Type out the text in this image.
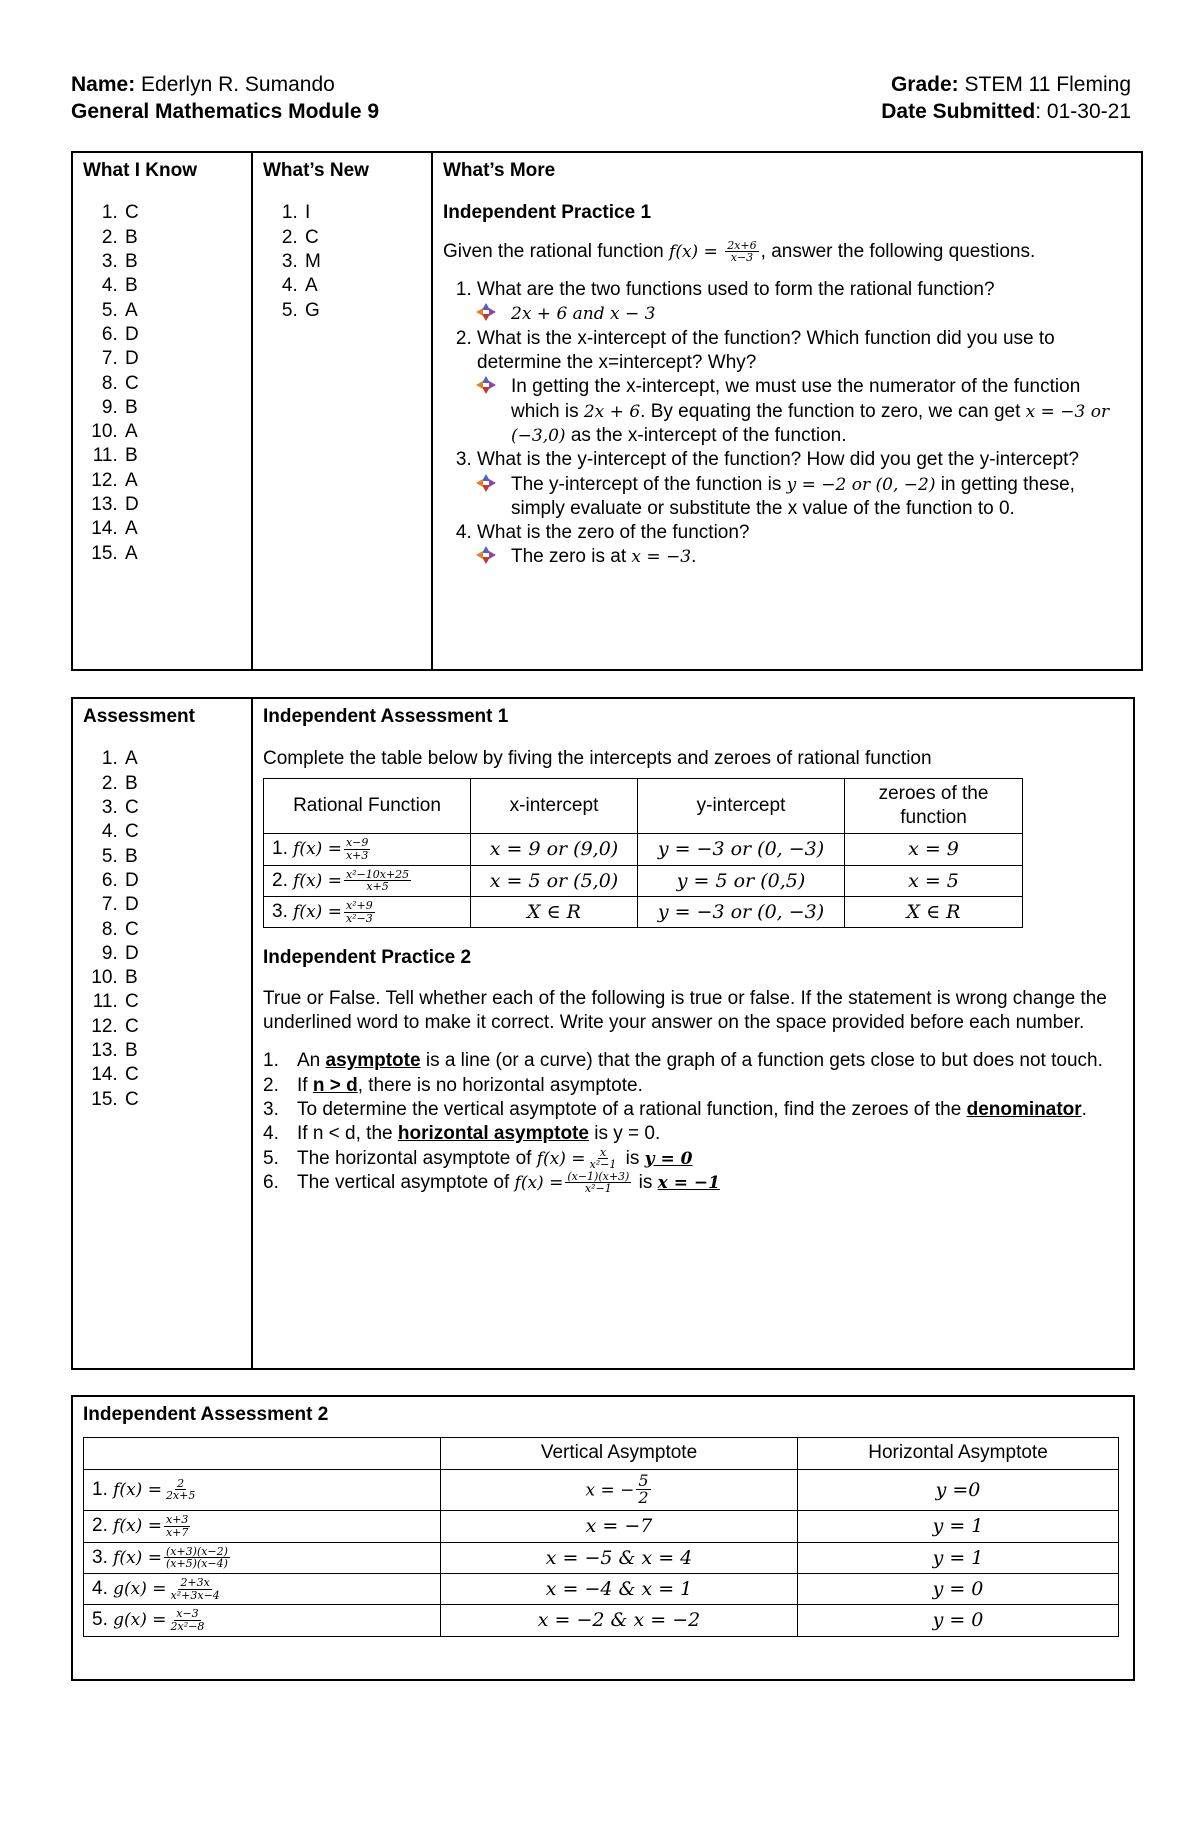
Name: Ederlyn R. Sumando	Grade: STEM 11 Fleming
General Mathematics Module 9	Date Submitted: 01-30-21
What I Know
1. C
2. B
3. B
4. B
5. A
6. D
7. D
8. C
9. B
10. A
11. B
12. A
13. D
14. A
15. A

What’s New
1. I
2. C
3. M
4. A
5. G

What’s More
Independent Practice 1
Given the rational function $f(x) = \frac{2x+6}{x-3}$ , answer the following questions.
1. What are the two functions used to form the rational function?
2x + 6 and x − 3
2. What is the x-intercept of the function? Which function did you use to determine the x=intercept? Why?
In getting the x-intercept, we must use the numerator of the function which is 2x + 6. By equating the function to zero, we can get x = −3 or (−3,0) as the x-intercept of the function.
3. What is the y-intercept of the function? How did you get the y-intercept?
The y-intercept of the function is y = −2 or (0, −2) in getting these, simply evaluate or substitute the x value of the function to 0.
4. What is the zero of the function?
The zero is at x = −3.
Assessment
1. A
2. B
3. C
4. C
5. B
6. D
7. D
8. C
9. D
10. B
11. C
12. C
13. B
14. C
15. C

Independent Assessment 1
Complete the table below by fiving the intercepts and zeroes of rational function
Rational Function	x-intercept	y-intercept	zeroes of the function
1. $f(x) = \frac{x-9}{x+3}$	x = 9 or (9,0)	y = −3 or (0, −3)	x = 9
2. $f(x) = \frac{\text{x²−10x+25}}{x+5}$	x = 5 or (5,0)	y = 5 or (0,5)	x = 5
3. $f(x) = \frac{\text{x²+9}}{\text{x²−3}}$	X ∈ R	y = −3 or (0, −3)	X ∈ R
Independent Practice 2
True or False. Tell whether each of the following is true or false. If the statement is wrong change the underlined word to make it correct. Write your answer on the space provided before each number.
1. An asymptote is a line (or a curve) that the graph of a function gets close to but does not touch.
2. If n > d, there is no horizontal asymptote.
3. To determine the vertical asymptote of a rational function, find the zeroes of the denominator.
4. If n < d, the horizontal asymptote is y = 0.
5. The horizontal asymptote of $f(x) = \frac{x}{\text{x²−1}}$ is y = 0
6. The vertical asymptote of $f(x) = \frac{(x-1)(x+3)}{\text{x²−1}}$ is x = −1
Independent Assessment 2
	Vertical Asymptote	Horizontal Asymptote
1. $f(x) = \frac{2}{2x+5}$	x = − $\frac{5}{2}$	y =0
2. $f(x) = \frac{x+3}{x+7}$	x = −7	y = 1
3. $f(x) = \frac{(x+3)(x-2)}{(x+5)(x-4)}$	x = −5 & x = 4	y = 1
4. $g(x) = \frac{2+3x}{\text{x²+3x−4}}$	x = −4 & x = 1	y = 0
5. $g(x) = \frac{x-3}{\text{2x²−8}}$	x = −2 & x = −2	y = 0
